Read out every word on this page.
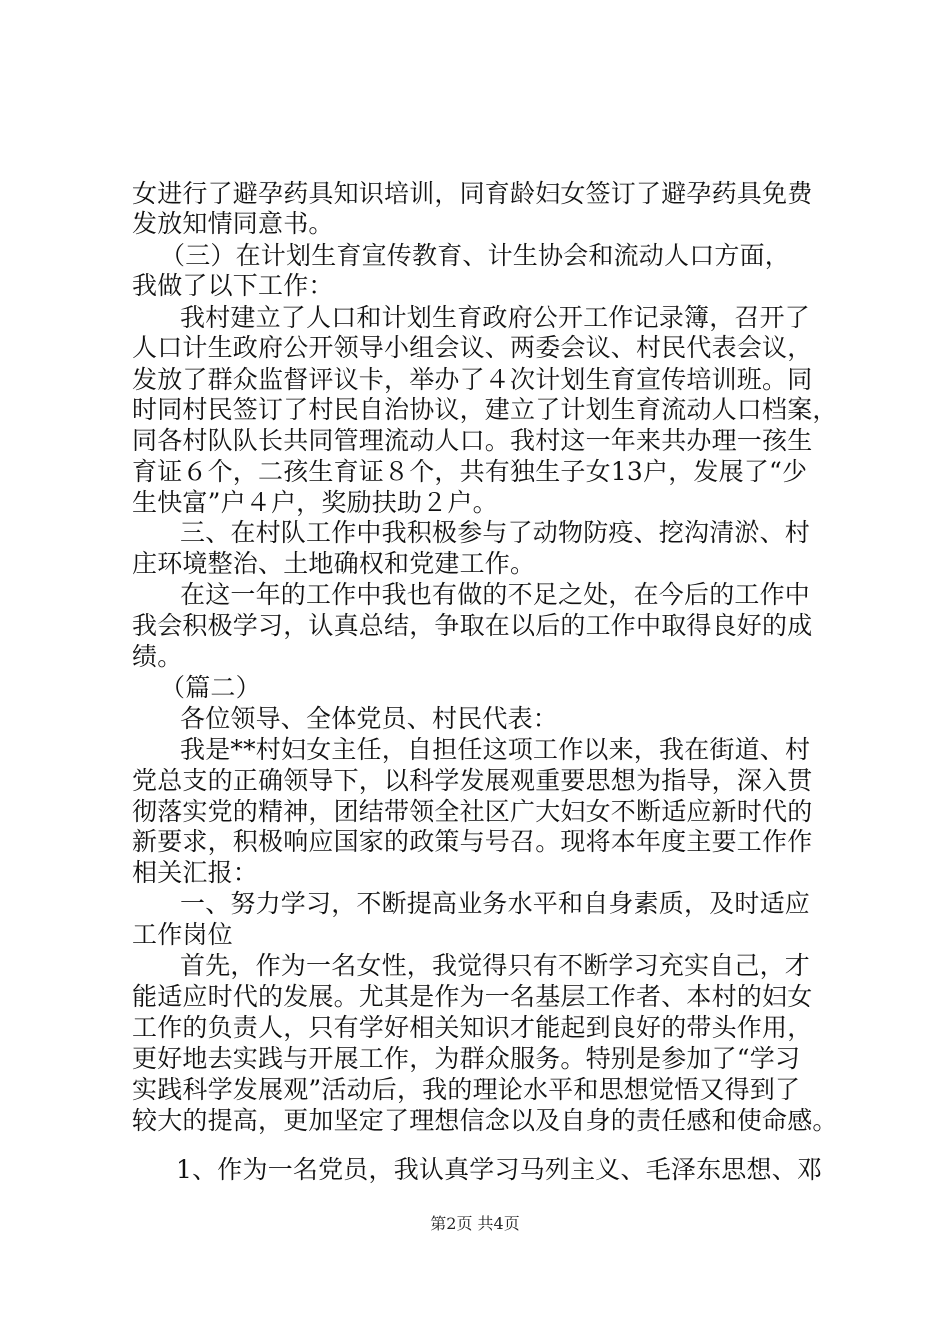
女进行了避孕药具知识培训，同育龄妇女签订了避孕药具免费
发放知情同意书。
（三）在计划生育宣传教育、计生协会和流动人口方面，
我做了以下工作：
我村建立了人口和计划生育政府公开工作记录簿，召开了
人口计生政府公开领导小组会议、两委会议、村民代表会议，
发放了群众监督评议卡，举办了４次计划生育宣传培训班。同
时同村民签订了村民自治协议，建立了计划生育流动人口档案，
同各村队队长共同管理流动人口。我村这一年来共办理一孩生
育证６个，二孩生育证８个，共有独生子女13户，发展了“少
生快富”户４户，奖励扶助２户。
三、在村队工作中我积极参与了动物防疫、挖沟清淤、村
庄环境整治、土地确权和党建工作。
在这一年的工作中我也有做的不足之处，在今后的工作中
我会积极学习，认真总结，争取在以后的工作中取得良好的成
绩。
（篇二）
各位领导、全体党员、村民代表：
我是**村妇女主任，自担任这项工作以来，我在街道、村
党总支的正确领导下，以科学发展观重要思想为指导，深入贯
彻落实党的精神，团结带领全社区广大妇女不断适应新时代的
新要求，积极响应国家的政策与号召。现将本年度主要工作作
相关汇报：
一、努力学习，不断提高业务水平和自身素质，及时适应
工作岗位
首先，作为一名女性，我觉得只有不断学习充实自己，才
能适应时代的发展。尤其是作为一名基层工作者、本村的妇女
工作的负责人，只有学好相关知识才能起到良好的带头作用，
更好地去实践与开展工作，为群众服务。特别是参加了“学习
实践科学发展观”活动后，我的理论水平和思想觉悟又得到了
较大的提高，更加坚定了理想信念以及自身的责任感和使命感。
1、作为一名党员，我认真学习马列主义、毛泽东思想、邓
第2页 共4页
